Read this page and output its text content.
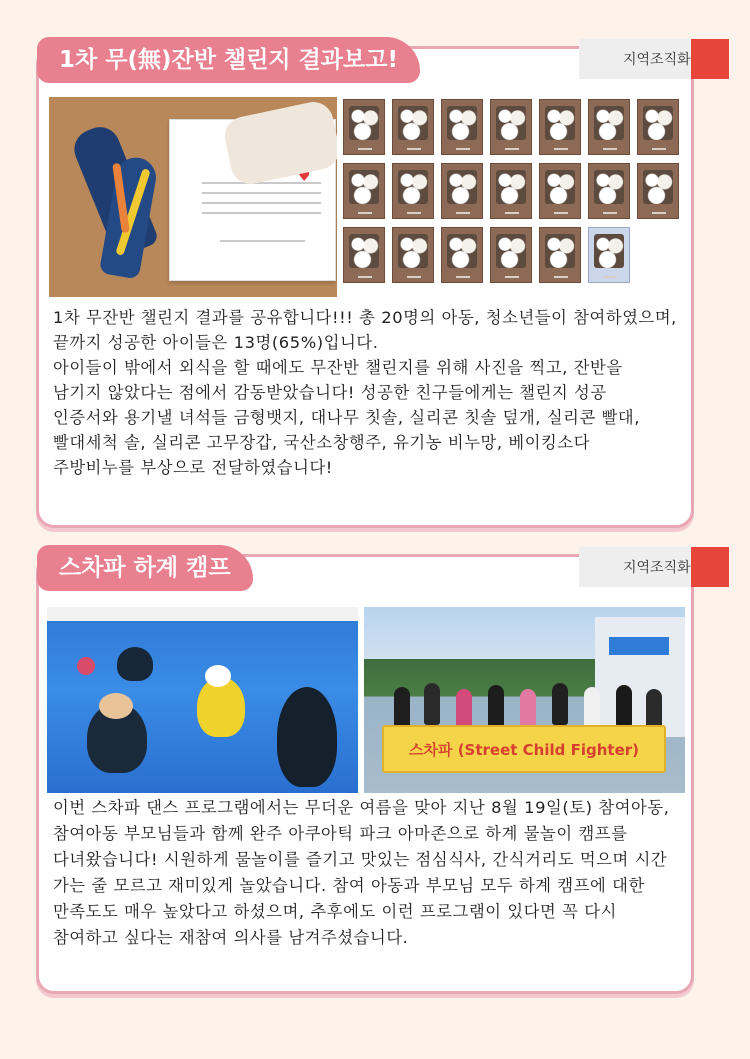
1차 무(無)잔반 챌린지 결과보고!	지역조직화
♥

1차 무잔반 챌린지 결과를 공유합니다!!! 총 20명의 아동, 청소년들이 참여하였으며, 끝까지 성공한 아이들은 13명(65%)입니다.
아이들이 밖에서 외식을 할 때에도 무잔반 챌린지를 위해 사진을 찍고, 잔반을 남기지 않았다는 점에서 감동받았습니다! 성공한 친구들에게는 챌린지 성공 인증서와 용기낼 녀석들 금형뱃지, 대나무 칫솔, 실리콘 칫솔 덮개, 실리콘 빨대, 빨대세척 솔, 실리콘 고무장갑, 국산소창행주, 유기농 비누망, 베이킹소다 주방비누를 부상으로 전달하였습니다!

스차파 하계 캠프	지역조직화
스차파 (Street Child Fighter)

이번 스차파 댄스 프로그램에서는 무더운 여름을 맞아 지난 8월 19일(토) 참여아동, 참여아동 부모님들과 함께 완주 아쿠아틱 파크 아마존으로 하계 물놀이 캠프를 다녀왔습니다! 시원하게 물놀이를 즐기고 맛있는 점심식사, 간식거리도 먹으며 시간 가는 줄 모르고 재미있게 놀았습니다. 참여 아동과 부모님 모두 하계 캠프에 대한 만족도도 매우 높았다고 하셨으며, 추후에도 이런 프로그램이 있다면 꼭 다시 참여하고 싶다는 재참여 의사를 남겨주셨습니다.
